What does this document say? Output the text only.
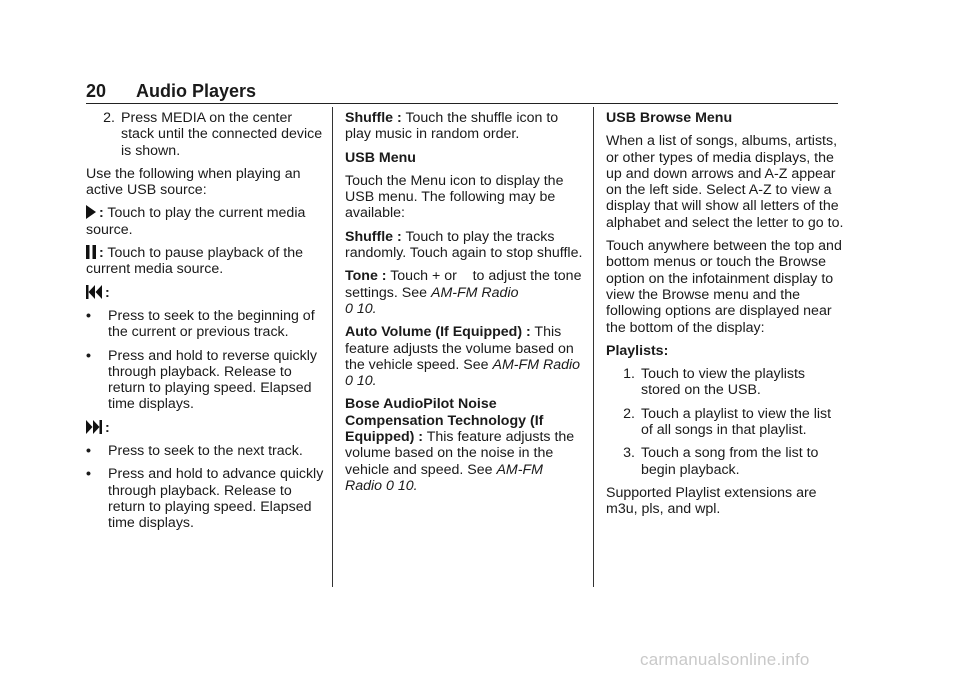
20 Audio Players
2. Press MEDIA on the center stack until the connected device is shown.

Use the following when playing an active USB source:

: Touch to play the current media source.

: Touch to pause playback of the current media source.

:

•	Press to seek to the beginning of the current or previous track.
•	Press and hold to reverse quickly through playback. Release to return to playing speed. Elapsed time displays.

:

•	Press to seek to the next track.
•	Press and hold to advance quickly through playback. Release to return to playing speed. Elapsed time displays.

Shuffle : Touch the shuffle icon to play music in random order.

USB Menu

Touch the Menu icon to display the USB menu. The following may be available:

Shuffle : Touch to play the tracks randomly. Touch again to stop shuffle.

Tone : Touch + or    to adjust the tone settings. See AM-FM Radio
0 10.

Auto Volume (If Equipped) : This feature adjusts the volume based on the vehicle speed. See AM-FM Radio 0 10.

Bose AudioPilot Noise Compensation Technology (If Equipped) : This feature adjusts the volume based on the noise in the vehicle and speed. See AM-FM Radio 0 10.

USB Browse Menu

When a list of songs, albums, artists, or other types of media displays, the up and down arrows and A-Z appear on the left side. Select A-Z to view a display that will show all letters of the alphabet and select the letter to go to.

Touch anywhere between the top and bottom menus or touch the Browse option on the infotainment display to view the Browse menu and the following options are displayed near the bottom of the display:

Playlists:

1. Touch to view the playlists stored on the USB.
2. Touch a playlist to view the list of all songs in that playlist.
3. Touch a song from the list to begin playback.

Supported Playlist extensions are m3u, pls, and wpl.

carmanualsonline.info
